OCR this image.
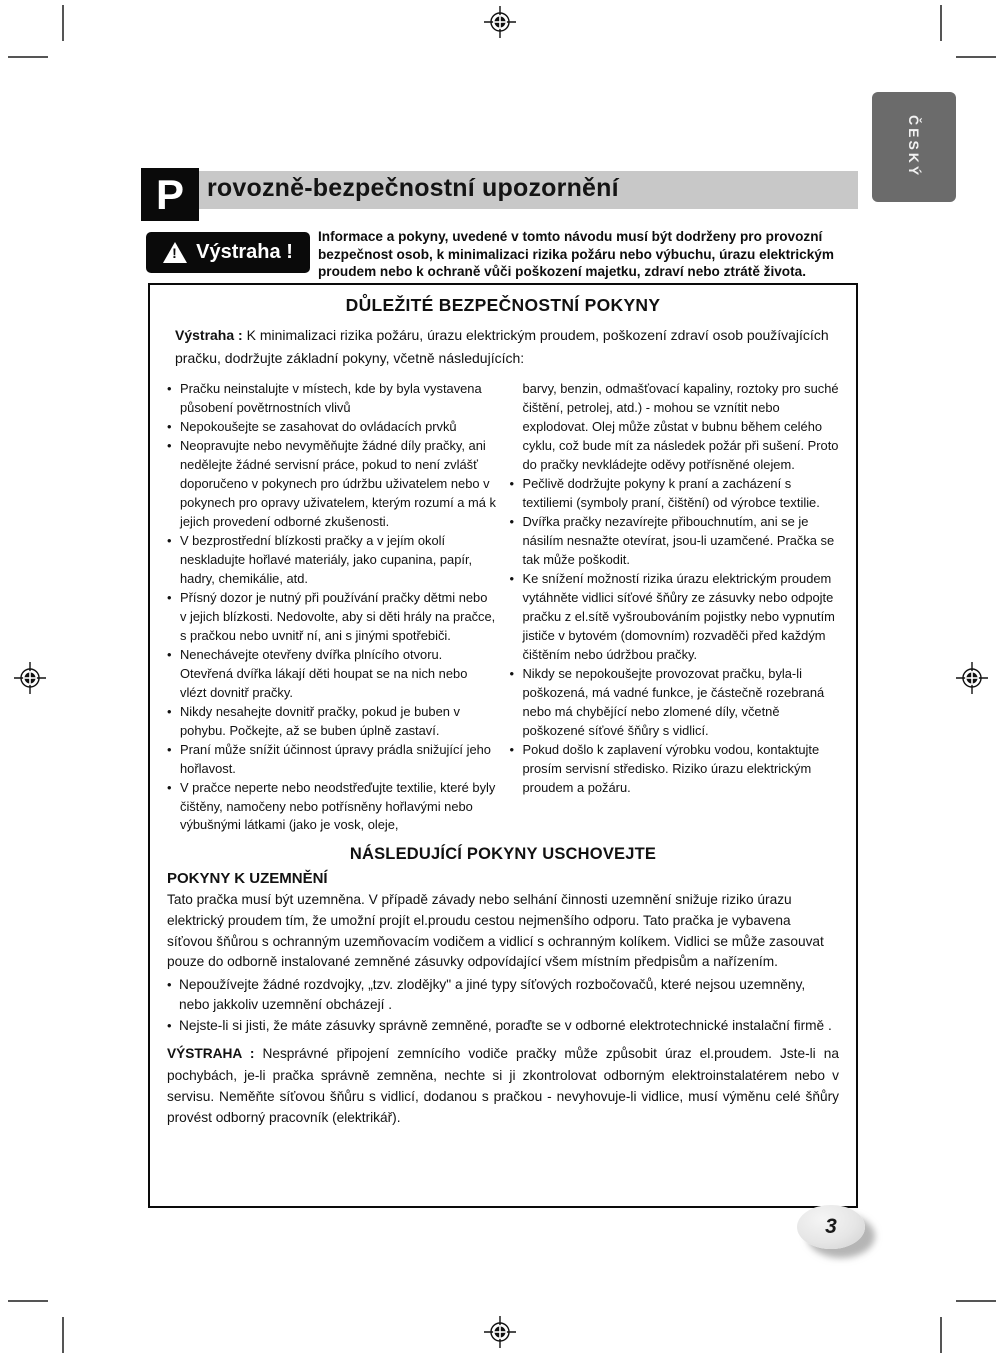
ČESKÝ
P rovozně-bezpečnostní upozornění
!
Výstraha !
Informace a pokyny, uvedené v tomto návodu musí být dodrženy pro provozní bezpečnost osob, k minimalizaci rizika požáru nebo výbuchu, úrazu elektrickým proudem nebo k ochraně vůči poškození majetku, zdraví nebo ztrátě života.
DŮLEŽITÉ BEZPEČNOSTNÍ POKYNY
Výstraha : K minimalizaci rizika požáru, úrazu elektrickým proudem, poškození zdraví osob používajících pračku, dodržujte základní pokyny, včetně následujících:
• Pračku neinstalujte v místech, kde by byla vystavena působení povětrnostních vlivů
• Nepokoušejte se zasahovat do ovládacích prvků
• Neopravujte nebo nevyměňujte žádné díly pračky, ani nedělejte žádné servisní práce, pokud to není zvlášť doporučeno v pokynech pro údržbu uživatelem nebo v pokynech pro opravy uživatelem, kterým rozumí a má k jejich provedení odborné zkušenosti.
• V bezprostřední blízkosti pračky a v jejím okolí neskladujte hořlavé materiály, jako cupanina, papír, hadry, chemikálie, atd.
• Přísný dozor je nutný při používání pračky dětmi nebo v jejich blízkosti. Nedovolte, aby si děti hrály na pračce, s pračkou nebo uvnitř ní, ani s jinými spotřebiči.
• Nenechávejte otevřeny dvířka plnícího otvoru. Otevřená dvířka lákají děti houpat se na nich nebo vlézt dovnitř pračky.
• Nikdy nesahejte dovnitř pračky, pokud je buben v pohybu. Počkejte, až se buben úplně zastaví.
• Praní může snížit účinnost úpravy prádla snižující jeho hořlavost.
• V pračce neperte nebo neodstřeďujte textilie, které byly čištěny, namočeny nebo potřísněny hořlavými nebo výbušnými látkami (jako je vosk, oleje,
barvy, benzin, odmašťovací kapaliny, roztoky pro suché čištění, petrolej, atd.) - mohou se vznítit nebo explodovat. Olej může zůstat v bubnu během celého cyklu, což bude mít za následek požár při sušení. Proto do pračky nevkládejte oděvy potřísněné olejem.
• Pečlivě dodržujte pokyny k praní a zacházení s textiliemi (symboly praní, čištění) od výrobce textilie.
• Dvířka pračky nezavírejte přibouchnutím, ani se je násilím nesnažte otevírat, jsou-li uzamčené. Pračka se tak může poškodit.
• Ke snížení možností rizika úrazu elektrickým proudem vytáhněte vidlici síťové šňůry ze zásuvky nebo odpojte pračku z el.sítě vyšroubováním pojistky nebo vypnutím jističe v bytovém (domovním) rozvaděči před každým čištěním nebo údržbou pračky.
• Nikdy se nepokoušejte provozovat pračku, byla-li poškozená, má vadné funkce, je částečně rozebraná nebo má chybějící nebo zlomené díly, včetně poškozené síťové šňůry s vidlicí.
• Pokud došlo k zaplavení výrobku vodou, kontaktujte prosím servisní středisko. Riziko úrazu elektrickým proudem a požáru.
NÁSLEDUJÍCÍ POKYNY USCHOVEJTE
POKYNY K UZEMNĚNÍ
Tato pračka musí být uzemněna. V případě závady nebo selhání činnosti uzemnění snižuje riziko úrazu elektrický proudem tím, že umožní projít el.proudu cestou nejmenšího odporu. Tato pračka je vybavena síťovou šňůrou s ochranným uzemňovacím vodičem a vidlicí s ochranným kolíkem. Vidlici se může zasouvat pouze do odborně instalované zemněné zásuvky odpovídající všem místním předpisům a nařízením.
• Nepoužívejte žádné rozdvojky, „tzv. zlodějky" a jiné typy síťových rozbočovačů, které nejsou uzemněny, nebo jakkoliv uzemnění obcházejí .
• Nejste-li si jisti, že máte zásuvky správně zemněné, poraďte se v odborné elektrotechnické instalační firmě .
VÝSTRAHA : Nesprávné připojení zemnícího vodiče pračky může způsobit úraz el.proudem. Jste-li na pochybách, je-li pračka správně zemněna, nechte si ji zkontrolovat odborným elektroinstalatérem nebo v servisu. Neměňte síťovou šňůru s vidlicí, dodanou s pračkou - nevyhovuje-li vidlice, musí výměnu celé šňůry provést odborný pracovník (elektrikář).
3
